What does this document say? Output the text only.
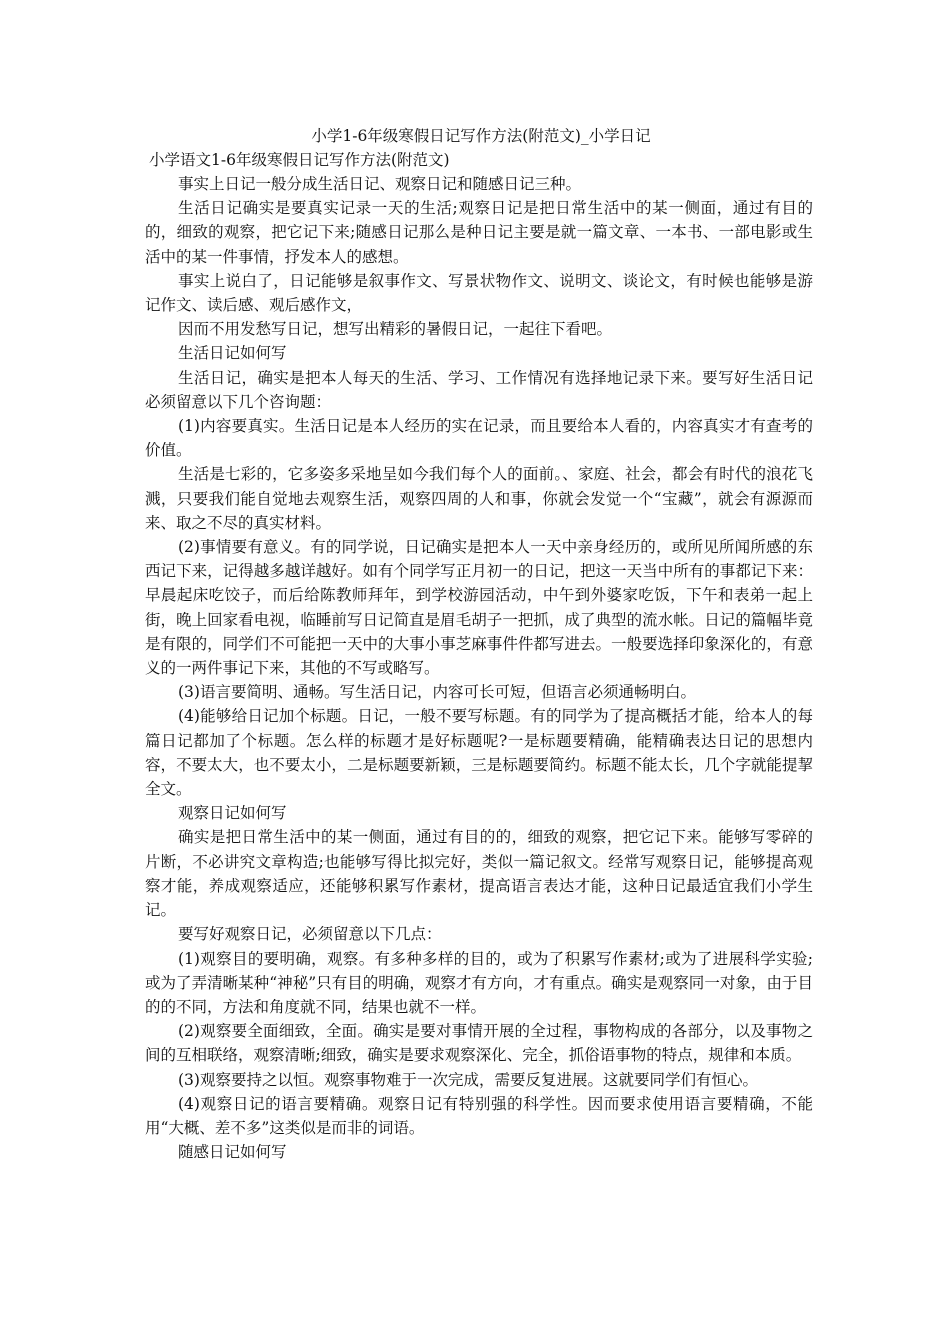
小学1-6年级寒假日记写作方法(附范文)_小学日记

小学语文1-6年级寒假日记写作方法(附范文)

事实上日记一般分成生活日记、观察日记和随感日记三种。

生活日记确实是要真实记录一天的生活;观察日记是把日常生活中的某一侧面，通过有目的的，细致的观察，把它记下来;随感日记那么是种日记主要是就一篇文章、一本书、一部电影或生活中的某一件事情，抒发本人的感想。

事实上说白了，日记能够是叙事作文、写景状物作文、说明文、谈论文，有时候也能够是游记作文、读后感、观后感作文，

因而不用发愁写日记，想写出精彩的暑假日记，一起往下看吧。

生活日记如何写

生活日记，确实是把本人每天的生活、学习、工作情况有选择地记录下来。要写好生活日记必须留意以下几个咨询题：

(1)内容要真实。生活日记是本人经历的实在记录，而且要给本人看的，内容真实才有查考的价值。

生活是七彩的，它多姿多采地呈如今我们每个人的面前。、家庭、社会，都会有时代的浪花飞溅，只要我们能自觉地去观察生活，观察四周的人和事，你就会发觉一个“宝藏”，就会有源源而来、取之不尽的真实材料。

(2)事情要有意义。有的同学说，日记确实是把本人一天中亲身经历的，或所见所闻所感的东西记下来，记得越多越详越好。如有个同学写正月初一的日记，把这一天当中所有的事都记下来：早晨起床吃饺子，而后给陈教师拜年，到学校游园活动，中午到外婆家吃饭，下午和表弟一起上街，晚上回家看电视，临睡前写日记简直是眉毛胡子一把抓，成了典型的流水帐。日记的篇幅毕竟是有限的，同学们不可能把一天中的大事小事芝麻事件件都写进去。一般要选择印象深化的，有意义的一两件事记下来，其他的不写或略写。

(3)语言要简明、通畅。写生活日记，内容可长可短，但语言必须通畅明白。

(4)能够给日记加个标题。日记，一般不要写标题。有的同学为了提高概括才能，给本人的每篇日记都加了个标题。怎么样的标题才是好标题呢?一是标题要精确，能精确表达日记的思想内容，不要太大，也不要太小，二是标题要新颖，三是标题要简约。标题不能太长，几个字就能提挈全文。

观察日记如何写

确实是把日常生活中的某一侧面，通过有目的的，细致的观察，把它记下来。能够写零碎的片断，不必讲究文章构造;也能够写得比拟完好，类似一篇记叙文。经常写观察日记，能够提高观察才能，养成观察适应，还能够积累写作素材，提高语言表达才能，这种日记最适宜我们小学生记。

要写好观察日记，必须留意以下几点：

(1)观察目的要明确，观察。有多种多样的目的，或为了积累写作素材;或为了进展科学实验;或为了弄清晰某种“神秘”只有目的明确，观察才有方向，才有重点。确实是观察同一对象，由于目的的不同，方法和角度就不同，结果也就不一样。

(2)观察要全面细致，全面。确实是要对事情开展的全过程，事物构成的各部分，以及事物之间的互相联络，观察清晰;细致，确实是要求观察深化、完全，抓俗语事物的特点，规律和本质。

(3)观察要持之以恒。观察事物难于一次完成，需要反复进展。这就要同学们有恒心。

(4)观察日记的语言要精确。观察日记有特别强的科学性。因而要求使用语言要精确，不能用“大概、差不多”这类似是而非的词语。

随感日记如何写
